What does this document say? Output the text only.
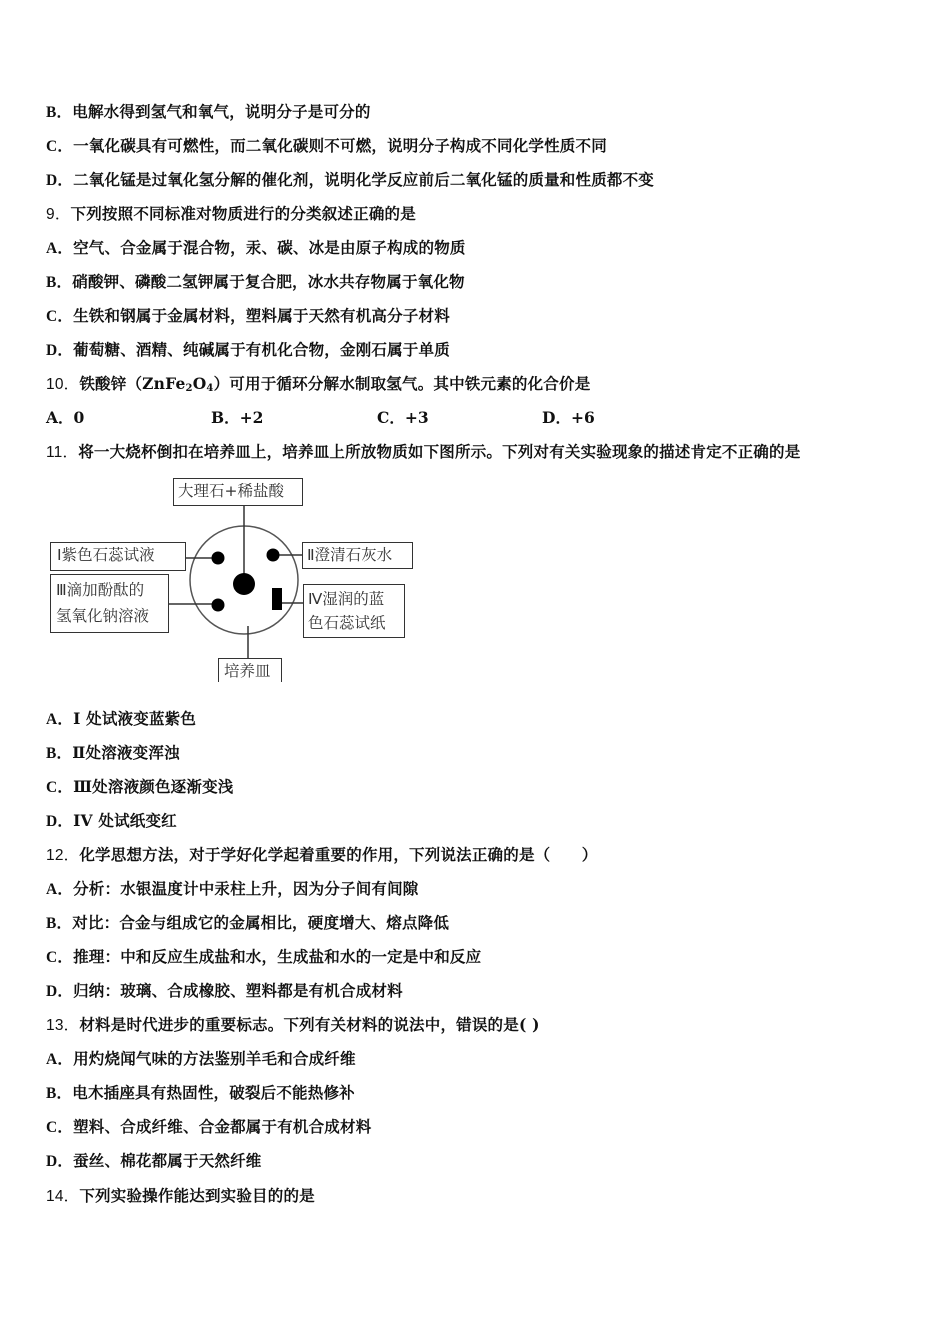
B．电解水得到氢气和氧气，说明分子是可分的
C．一氧化碳具有可燃性，而二氧化碳则不可燃，说明分子构成不同化学性质不同
D．二氧化锰是过氧化氢分解的催化剂，说明化学反应前后二氧化锰的质量和性质都不变
9．下列按照不同标准对物质进行的分类叙述正确的是
A．空气、合金属于混合物，汞、碳、冰是由原子构成的物质
B．硝酸钾、磷酸二氢钾属于复合肥，冰水共存物属于氧化物
C．生铁和钢属于金属材料，塑料属于天然有机高分子材料
D．葡萄糖、酒精、纯碱属于有机化合物，金刚石属于单质
10．铁酸锌$(ZnFe_2O_4)$可用于循环分解水制取氢气。其中铁元素的化合价是
A．0	B．+2	C．+3	D．+6
11．将一大烧杯倒扣在培养皿上，培养皿上所放物质如下图所示。下列对有关实验现象的描述肯定不正确的是
大理石+稀盐酸
Ⅰ紫色石蕊试液
Ⅲ滴加酚酞的
氢氧化钠溶液
Ⅱ澄清石灰水
Ⅳ湿润的蓝
色石蕊试纸
培养皿
A．I 处试液变蓝紫色
B．Ⅱ处溶液变浑浊
C．Ⅲ处溶液颜色逐渐变浅
D．IV 处试纸变红
12．化学思想方法，对于学好化学起着重要的作用，下列说法正确的是（　　）
A．分析：水银温度计中汞柱上升，因为分子间有间隙
B．对比：合金与组成它的金属相比，硬度增大、熔点降低
C．推理：中和反应生成盐和水，生成盐和水的一定是中和反应
D．归纳：玻璃、合成橡胶、塑料都是有机合成材料
13．材料是时代进步的重要标志。下列有关材料的说法中，错误的是( )
A．用灼烧闻气味的方法鉴别羊毛和合成纤维
B．电木插座具有热固性，破裂后不能热修补
C．塑料、合成纤维、合金都属于有机合成材料
D．蚕丝、棉花都属于天然纤维
14．下列实验操作能达到实验目的的是
